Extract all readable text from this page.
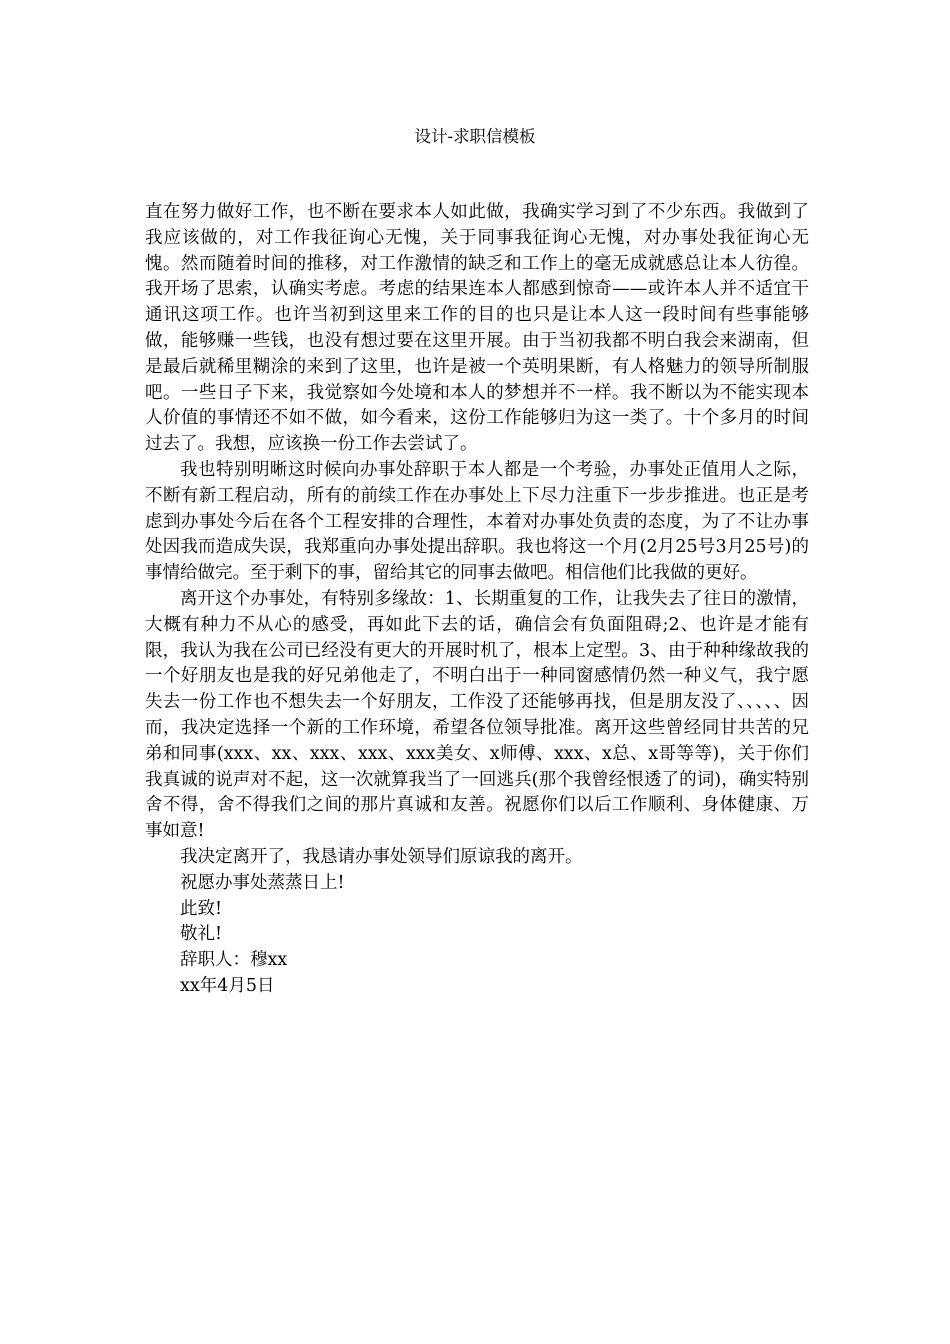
设计-求职信模板

直在努力做好工作，也不断在要求本人如此做，我确实学习到了不少东西。我做到了我应该做的，对工作我征询心无愧，关于同事我征询心无愧，对办事处我征询心无愧。然而随着时间的推移，对工作激情的缺乏和工作上的毫无成就感总让本人彷徨。我开场了思索，认确实考虑。考虑的结果连本人都感到惊奇——或许本人并不适宜干通讯这项工作。也许当初到这里来工作的目的也只是让本人这一段时间有些事能够做，能够赚一些钱，也没有想过要在这里开展。由于当初我都不明白我会来湖南，但是最后就稀里糊涂的来到了这里，也许是被一个英明果断，有人格魅力的领导所制服吧。一些日子下来，我觉察如今处境和本人的梦想并不一样。我不断以为不能实现本人价值的事情还不如不做，如今看来，这份工作能够归为这一类了。十个多月的时间过去了。我想，应该换一份工作去尝试了。

我也特别明晰这时候向办事处辞职于本人都是一个考验，办事处正值用人之际，不断有新工程启动，所有的前续工作在办事处上下尽力注重下一步步推进。也正是考虑到办事处今后在各个工程安排的合理性，本着对办事处负责的态度，为了不让办事处因我而造成失误，我郑重向办事处提出辞职。我也将这一个月(2月25号3月25号)的事情给做完。至于剩下的事，留给其它的同事去做吧。相信他们比我做的更好。

离开这个办事处，有特别多缘故：1、长期重复的工作，让我失去了往日的激情，大概有种力不从心的感受，再如此下去的话，确信会有负面阻碍;2、也许是才能有限，我认为我在公司已经没有更大的开展时机了，根本上定型。3、由于种种缘故我的一个好朋友也是我的好兄弟他走了，不明白出于一种同窗感情仍然一种义气，我宁愿失去一份工作也不想失去一个好朋友，工作没了还能够再找，但是朋友没了、、、、、因而，我决定选择一个新的工作环境，希望各位领导批准。离开这些曾经同甘共苦的兄弟和同事(xxx、xx、xxx、xxx、xxx美女、x师傅、xxx、x总、x哥等等)，关于你们我真诚的说声对不起，这一次就算我当了一回逃兵(那个我曾经恨透了的词)，确实特别舍不得，舍不得我们之间的那片真诚和友善。祝愿你们以后工作顺利、身体健康、万事如意!

我决定离开了，我恳请办事处领导们原谅我的离开。

祝愿办事处蒸蒸日上!

此致!

敬礼!

辞职人：穆xx

xx年4月5日
